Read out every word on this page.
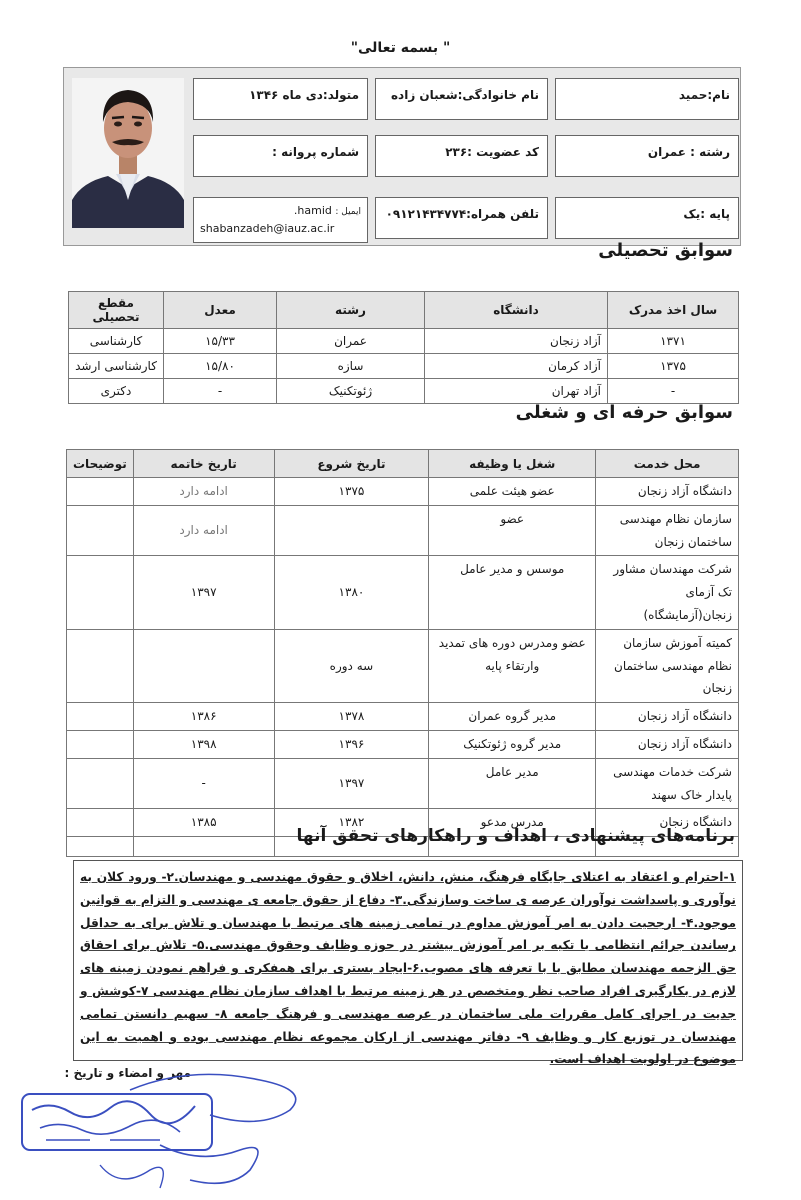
" بسمه تعالی"
نام:حمید
نام خانوادگی:شعبان زاده
متولد:دی ماه ۱۳۴۶
رشته : عمران
کد عضویت :۲۳۶
شماره پروانه :
پایه :یک
تلفن همراه:۰۹۱۲۱۴۳۴۷۷۴
ایمیل : hamid.
shabanzadeh@iauz.ac.ir
سوابق تحصیلی
سال اخذ مدرک	دانشگاه	رشته	معدل	مقطع تحصیلی
۱۳۷۱	آزاد زنجان	عمران	۱۵/۳۳	کارشناسی
۱۳۷۵	آزاد کرمان	سازه	۱۵/۸۰	کارشناسی ارشد
-	آزاد تهران	ژئوتکنیک	-	دکتری
سوابق حرفه ای و شغلی
محل خدمت	شغل یا وظیفه	تاریخ شروع	تاریخ خاتمه	توضیحات
دانشگاه آزاد زنجان	عضو هیئت علمی	۱۳۷۵	ادامه دارد	
سازمان نظام مهندسی ساختمان زنجان	عضو		ادامه دارد	
شرکت مهندسان مشاور تک آزمای زنجان(آزمایشگاه)	موسس و مدیر عامل	۱۳۸۰	۱۳۹۷	
کمیته آموزش سازمان نظام مهندسی ساختمان زنجان	عضو ومدرس دوره های تمدید وارتقاء پایه	سه دوره		
دانشگاه آزاد زنجان	مدیر گروه عمران	۱۳۷۸	۱۳۸۶	
دانشگاه آزاد زنجان	مدیر گروه ژئوتکنیک	۱۳۹۶	۱۳۹۸	
شرکت خدمات مهندسی پایدار خاک سهند	مدیر عامل	۱۳۹۷	-	
دانشگاه زنجان	مدرس مدعو	۱۳۸۲	۱۳۸۵	

برنامه‌های پیشنهادی ، اهداف و راهکارهای تحقق آنها
۱-احترام و اعتقاد به اعتلای جایگاه فرهنگ، منش، دانش، اخلاق و حقوق مهندسی و مهندسان.۲- ورود کلان به نوآوری و پاسداشت نوآوران عرصه ی ساخت وسازندگی.۳- دفاع از حقوق جامعه ی مهندسی و التزام به قوانین موجود.۴- ارجحیت دادن به امر آموزش مداوم در تمامی زمینه های مرتبط با مهندسان و تلاش برای به حداقل رساندن جرائم انتظامی با تکیه بر امر آموزش بیشتر در حوزه وظایف وحقوق مهندسی.۵- تلاش برای احقاق حق الزحمه مهندسان مطابق با با تعرفه های مصوب.۶-ایجاد بستری برای همفکری و فراهم نمودن زمینه های لازم در بکارگیری افراد صاحب نظر ومتخصص در هر زمینه مرتبط با اهداف سازمان نظام مهندسی ۷-کوشش و جدیت در اجرای کامل مقررات ملی ساختمان در عرصه مهندسی و فرهنگ جامعه ۸- سهیم دانستن تمامی مهندسان در توزیع کار و وظایف ۹- دفاتر مهندسی از ارکان مجموعه نظام مهندسی بوده و اهمیت به این موضوع در اولویت اهداف است.
مهر و امضاء و تاریخ :
